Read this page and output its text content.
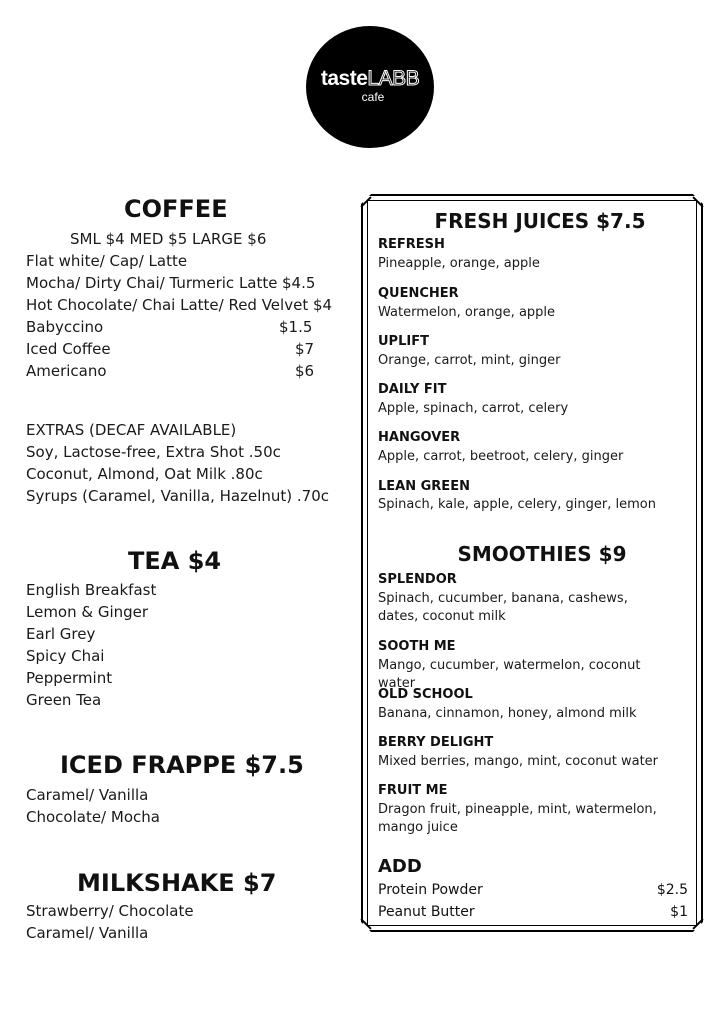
tasteLABB
cafe
COFFEE
SML $4 MED $5 LARGE $6
Flat white/ Cap/ Latte
Mocha/ Dirty Chai/ Turmeric Latte $4.5
Hot Chocolate/ Chai Latte/ Red Velvet $4
Babyccino	$1.5
Iced Coffee	$7
Americano	$6
EXTRAS (DECAF AVAILABLE)
Soy, Lactose-free, Extra Shot .50c
Coconut, Almond, Oat Milk .80c
Syrups (Caramel, Vanilla, Hazelnut) .70c
TEA $4
English Breakfast
Lemon & Ginger
Earl Grey
Spicy Chai
Peppermint
Green Tea
ICED FRAPPE $7.5
Caramel/ Vanilla
Chocolate/ Mocha
MILKSHAKE $7
Strawberry/ Chocolate
Caramel/ Vanilla
FRESH JUICES $7.5
REFRESH
Pineapple, orange, apple
QUENCHER
Watermelon, orange, apple
UPLIFT
Orange, carrot, mint, ginger
DAILY FIT
Apple, spinach, carrot, celery
HANGOVER
Apple, carrot, beetroot, celery, ginger
LEAN GREEN
Spinach, kale, apple, celery, ginger, lemon
SMOOTHIES $9
SPLENDOR
Spinach, cucumber, banana, cashews, dates, coconut milk
SOOTH ME
Mango, cucumber, watermelon, coconut water
OLD SCHOOL
Banana, cinnamon, honey, almond milk
BERRY DELIGHT
Mixed berries, mango, mint, coconut water
FRUIT ME
Dragon fruit, pineapple, mint, watermelon, mango juice
ADD
Protein Powder	$2.5
Peanut Butter	$1
